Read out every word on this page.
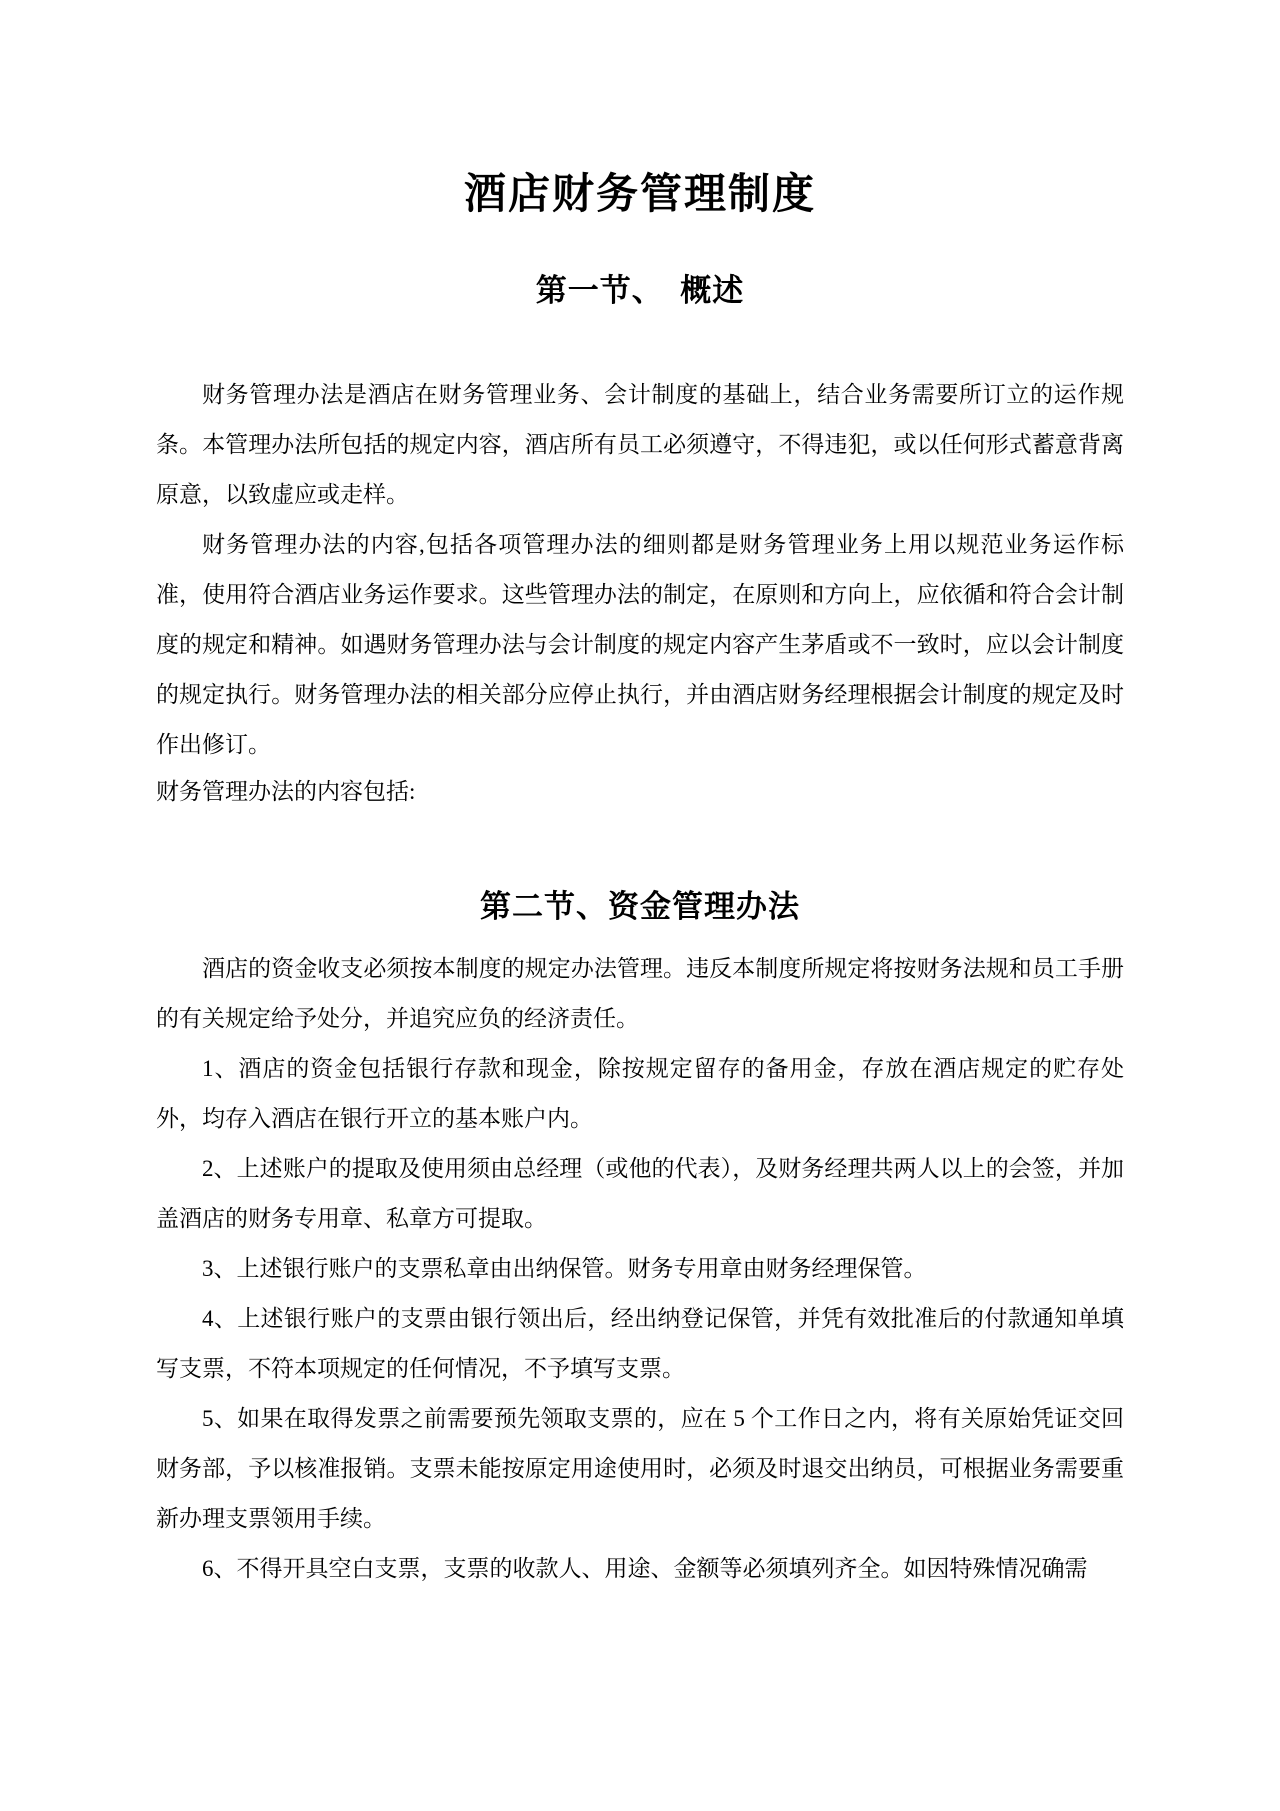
酒店财务管理制度
第一节、　概述

财务管理办法是酒店在财务管理业务、会计制度的基础上，结合业务需要所订立的运作规条。本管理办法所包括的规定内容，酒店所有员工必须遵守，不得违犯，或以任何形式蓄意背离原意，以致虚应或走样。

财务管理办法的内容,包括各项管理办法的细则都是财务管理业务上用以规范业务运作标准，使用符合酒店业务运作要求。这些管理办法的制定，在原则和方向上，应依循和符合会计制度的规定和精神。如遇财务管理办法与会计制度的规定内容产生茅盾或不一致时，应以会计制度的规定执行。财务管理办法的相关部分应停止执行，并由酒店财务经理根据会计制度的规定及时作出修订。

财务管理办法的内容包括:

第二节、资金管理办法

酒店的资金收支必须按本制度的规定办法管理。违反本制度所规定将按财务法规和员工手册的有关规定给予处分，并追究应负的经济责任。

1、酒店的资金包括银行存款和现金，除按规定留存的备用金，存放在酒店规定的贮存处外，均存入酒店在银行开立的基本账户内。

2、上述账户的提取及使用须由总经理（或他的代表），及财务经理共两人以上的会签，并加盖酒店的财务专用章、私章方可提取。

3、上述银行账户的支票私章由出纳保管。财务专用章由财务经理保管。

4、上述银行账户的支票由银行领出后，经出纳登记保管，并凭有效批准后的付款通知单填写支票，不符本项规定的任何情况，不予填写支票。

5、如果在取得发票之前需要预先领取支票的，应在 5 个工作日之内，将有关原始凭证交回财务部，予以核准报销。支票未能按原定用途使用时，必须及时退交出纳员，可根据业务需要重新办理支票领用手续。

6、不得开具空白支票，支票的收款人、用途、金额等必须填列齐全。如因特殊情况确需
